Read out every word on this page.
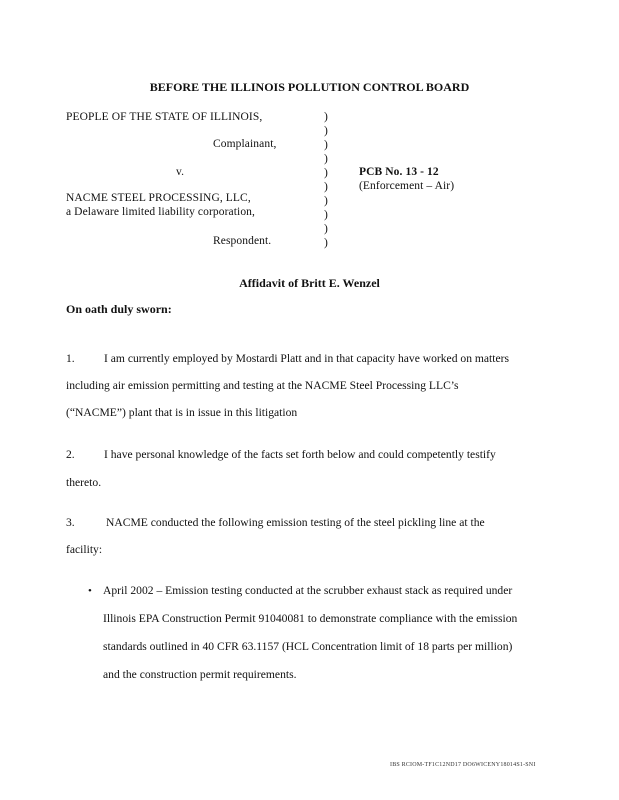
BEFORE THE ILLINOIS POLLUTION CONTROL BOARD
PEOPLE OF THE STATE OF ILLINOIS,
Complainant,
v.
NACME STEEL PROCESSING, LLC,
a Delaware limited liability corporation,
Respondent.
)
)
)
)
)
)
)
)
)
)
PCB No. 13 - 12
(Enforcement – Air)
Affidavit of Britt E. Wenzel
On oath duly sworn:
1.	I am currently employed by Mostardi Platt and in that capacity have worked on matters
including air emission permitting and testing at the NACME Steel Processing LLC’s
(“NACME”) plant that is in issue in this litigation
2.	I have personal knowledge of the facts set forth below and could competently testify
thereto.
3.	NACME conducted the following emission testing of the steel pickling line at the
facility:
• April 2002 – Emission testing conducted at the scrubber exhaust stack as required under
Illinois EPA Construction Permit 91040081 to demonstrate compliance with the emission
standards outlined in 40 CFR 63.1157 (HCL Concentration limit of 18 parts per million)
and the construction permit requirements.
IBS RCIOM-TF1C12ND17 DO6WICENY18014S1-SNI
